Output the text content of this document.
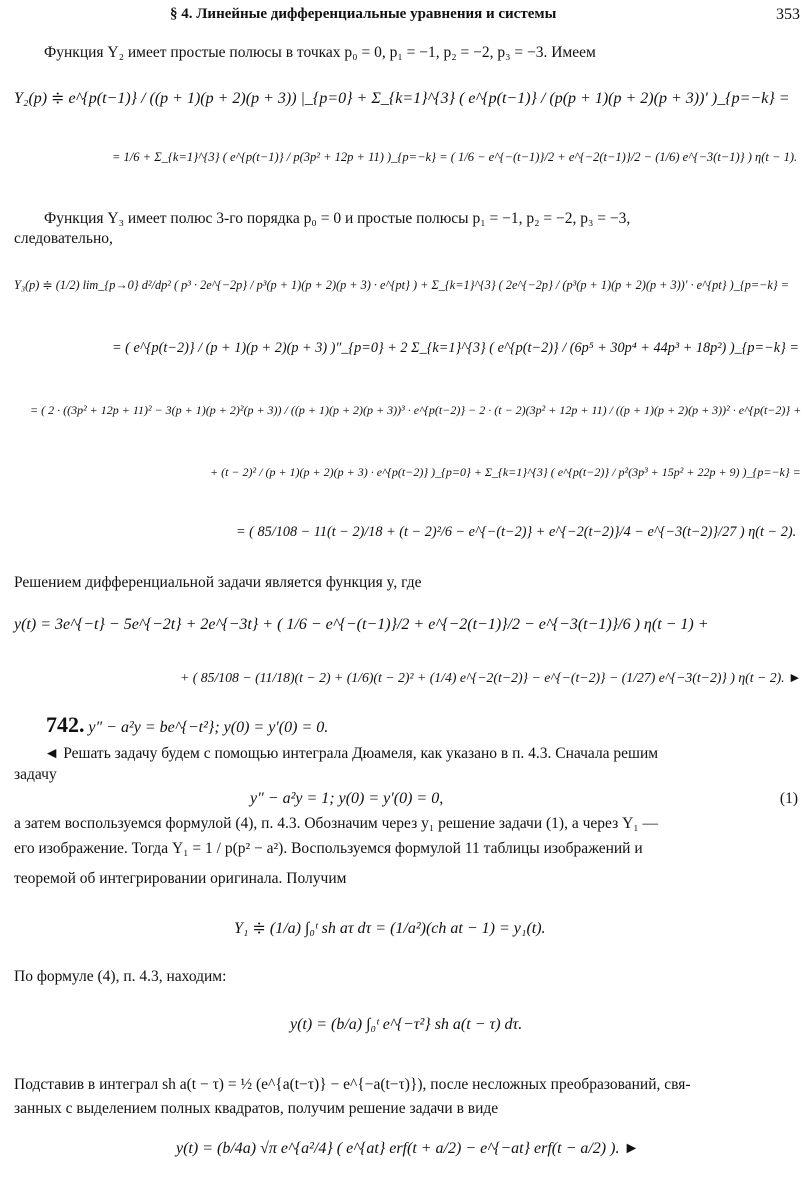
§ 4. Линейные дифференциальные уравнения и системы	353
Функция Y₂ имеет простые полюсы в точках p₀ = 0, p₁ = −1, p₂ = −2, p₃ = −3. Имеем
Y₂(p) ≑ e^{p(t−1)} / ((p + 1)(p + 2)(p + 3)) |_{p=0} + Σ_{k=1}^{3} ( e^{p(t−1)} / (p(p + 1)(p + 2)(p + 3))′ )_{p=−k} =
= 1/6 + Σ_{k=1}^{3} ( e^{p(t−1)} / p(3p² + 12p + 11) )_{p=−k} = ( 1/6 − e^{−(t−1)}/2 + e^{−2(t−1)}/2 − (1/6) e^{−3(t−1)} ) η(t − 1).
Функция Y₃ имеет полюс 3-го порядка p₀ = 0 и простые полюсы p₁ = −1, p₂ = −2, p₃ = −3,
следовательно,
Y₃(p) ≑ (1/2) lim_{p→0} d²/dp² ( p³ · 2e^{−2p} / p³(p + 1)(p + 2)(p + 3) · e^{pt} ) + Σ_{k=1}^{3} ( 2e^{−2p} / (p³(p + 1)(p + 2)(p + 3))′ · e^{pt} )_{p=−k} =
= ( e^{p(t−2)} / (p + 1)(p + 2)(p + 3) )″_{p=0} + 2 Σ_{k=1}^{3} ( e^{p(t−2)} / (6p⁵ + 30p⁴ + 44p³ + 18p²) )_{p=−k} =
= ( 2 · ((3p² + 12p + 11)² − 3(p + 1)(p + 2)²(p + 3)) / ((p + 1)(p + 2)(p + 3))³ · e^{p(t−2)} − 2 · (t − 2)(3p² + 12p + 11) / ((p + 1)(p + 2)(p + 3))² · e^{p(t−2)} +
+ (t − 2)² / (p + 1)(p + 2)(p + 3) · e^{p(t−2)} )_{p=0} + Σ_{k=1}^{3} ( e^{p(t−2)} / p²(3p³ + 15p² + 22p + 9) )_{p=−k} =
= ( 85/108 − 11(t − 2)/18 + (t − 2)²/6 − e^{−(t−2)} + e^{−2(t−2)}/4 − e^{−3(t−2)}/27 ) η(t − 2).
Решением дифференциальной задачи является функция y, где
y(t) = 3e^{−t} − 5e^{−2t} + 2e^{−3t} + ( 1/6 − e^{−(t−1)}/2 + e^{−2(t−1)}/2 − e^{−3(t−1)}/6 ) η(t − 1) +
+ ( 85/108 − (11/18)(t − 2) + (1/6)(t − 2)² + (1/4) e^{−2(t−2)} − e^{−(t−2)} − (1/27) e^{−3(t−2)} ) η(t − 2). ►
742. y″ − a²y = be^{−t²}; y(0) = y′(0) = 0.
◄ Решать задачу будем с помощью интеграла Дюамеля, как указано в п. 4.3. Сначала решим
задачу
y″ − a²y = 1; y(0) = y′(0) = 0,	(1)
а затем воспользуемся формулой (4), п. 4.3. Обозначим через y₁ решение задачи (1), а через Y₁ —
его изображение. Тогда Y₁ = 1 / p(p² − a²). Воспользуемся формулой 11 таблицы изображений и
теоремой об интегрировании оригинала. Получим
Y₁ ≑ (1/a) ∫₀ᵗ sh aτ dτ = (1/a²)(ch at − 1) = y₁(t).
По формуле (4), п. 4.3, находим:
y(t) = (b/a) ∫₀ᵗ e^{−τ²} sh a(t − τ) dτ.
Подставив в интеграл sh a(t − τ) = ½ (e^{a(t−τ)} − e^{−a(t−τ)}), после несложных преобразований, свя-
занных с выделением полных квадратов, получим решение задачи в виде
y(t) = (b/4a) √π e^{a²/4} ( e^{at} erf(t + a/2) − e^{−at} erf(t − a/2) ). ►
